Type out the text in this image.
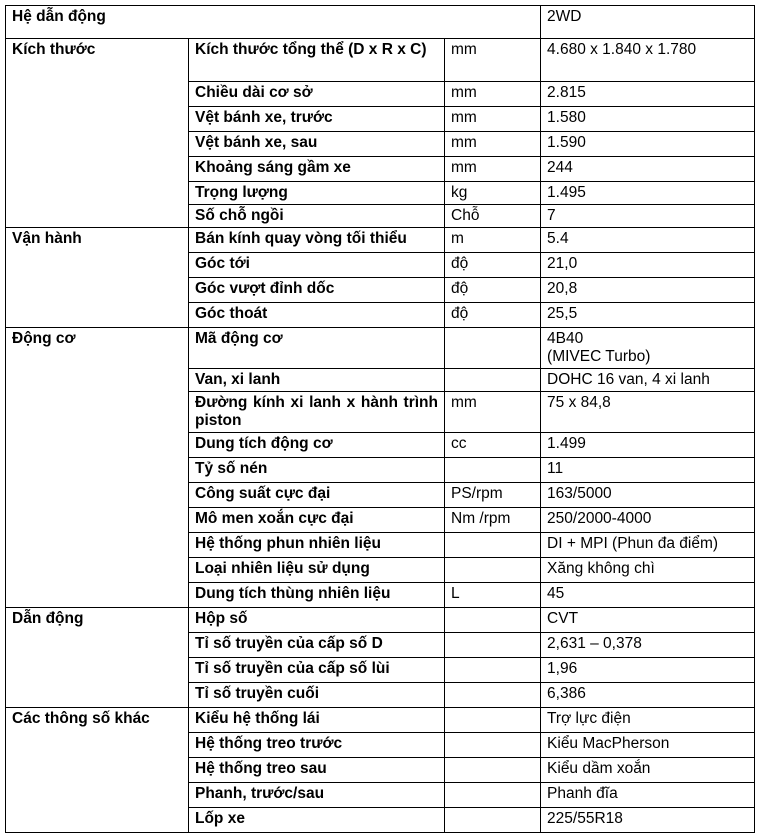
Hệ dẫn động			2WD
Kích thước	Kích thước tổng thể (D x R x C)	mm	4.680 x 1.840 x 1.780

	Chiều dài cơ sở	mm	2.815

	Vệt bánh xe, trước	mm	1.580

	Vệt bánh xe, sau	mm	1.590

	Khoảng sáng gầm xe	mm	244

	Trọng lượng	kg	1.495

	Số chỗ ngồi	Chỗ	7

Vận hành	Bán kính quay vòng tối thiểu	m	5.4

	Góc tới	độ	21,0

	Góc vượt đỉnh dốc	độ	20,8

	Góc thoát	độ	25,5

Động cơ	Mã động cơ		4B40
(MIVEC Turbo)

	Van, xi lanh		DOHC 16 van, 4 xi lanh

	Đường kính xi lanh x hành trình piston	mm	75 x 84,8

	Dung tích động cơ	cc	1.499

	Tỷ số nén		11

	Công suất cực đại	PS/rpm	163/5000

	Mô men xoắn cực đại	Nm /rpm	250/2000-4000

	Hệ thống phun nhiên liệu		DI + MPI (Phun đa điểm)

	Loại nhiên liệu sử dụng		Xăng không chì

	Dung tích thùng nhiên liệu	L	45

Dẫn động	Hộp số		CVT

	Tỉ số truyền của cấp số D		2,631 – 0,378

	Tỉ số truyền của cấp số lùi		1,96

	Tỉ số truyền cuối		6,386

Các thông số khác	Kiểu hệ thống lái		Trợ lực điện

	Hệ thống treo trước		Kiểu MacPherson

	Hệ thống treo sau		Kiểu dầm xoắn

	Phanh, trước/sau		Phanh đĩa

	Lốp xe		225/55R18
